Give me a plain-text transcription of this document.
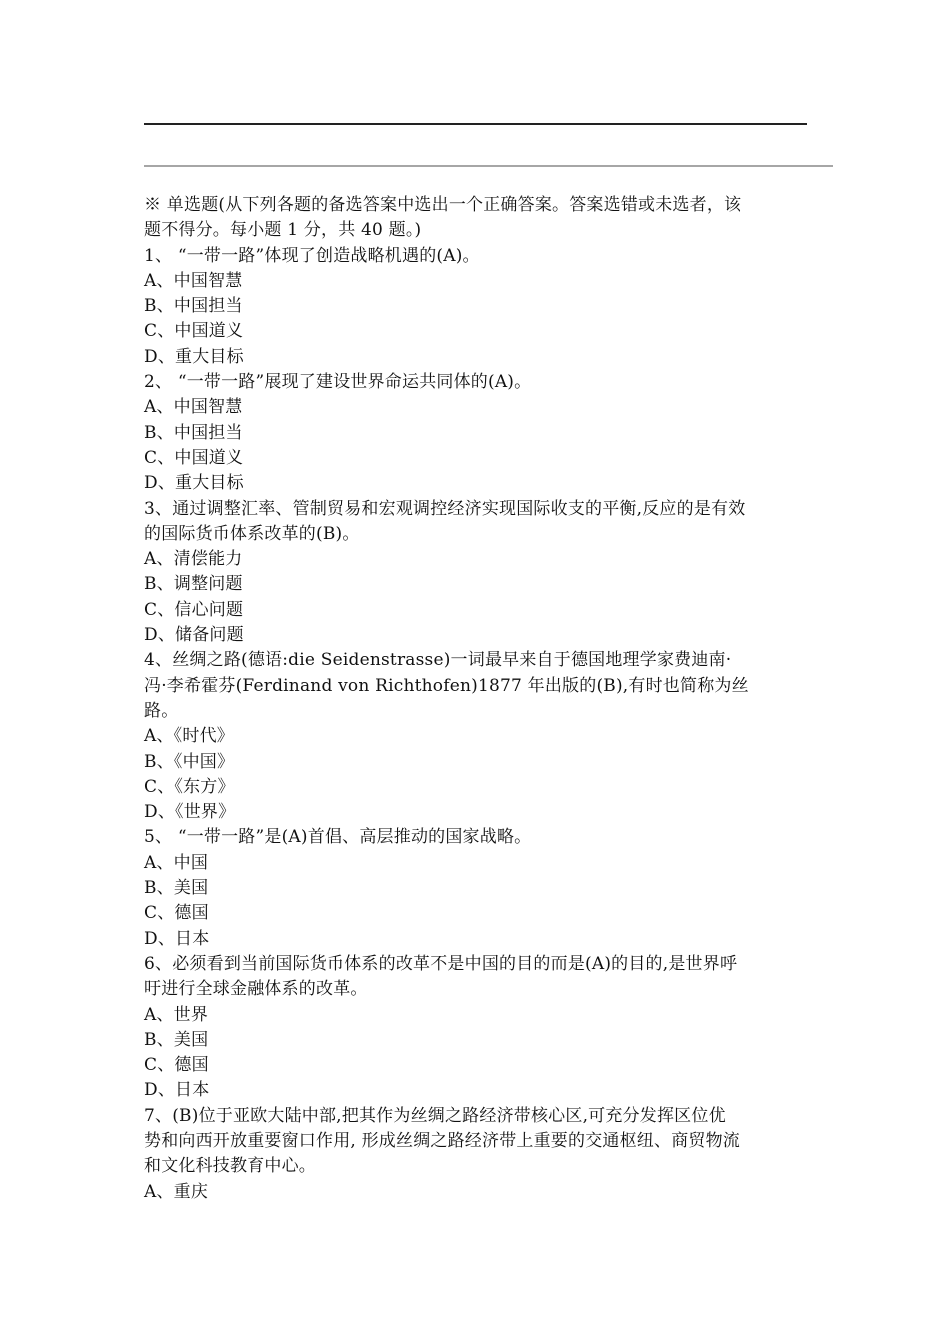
※ 单选题(从下列各题的备选答案中选出一个正确答案。答案选错或未选者，该

题不得分。每小题 1 分，共 40 题。)

1、 “一带一路”体现了创造战略机遇的(A)。

A、中国智慧

B、中国担当

C、中国道义

D、重大目标

2、 “一带一路”展现了建设世界命运共同体的(A)。

A、中国智慧

B、中国担当

C、中国道义

D、重大目标

3、通过调整汇率、管制贸易和宏观调控经济实现国际收支的平衡,反应的是有效

的国际货币体系改革的(B)。

A、清偿能力

B、调整问题

C、信心问题

D、储备问题

4、丝绸之路(德语:die Seidenstrasse)一词最早来自于德国地理学家费迪南·

冯·李希霍芬(Ferdinand von Richthofen)1877 年出版的(B),有时也简称为丝

路。

A、《时代》

B、《中国》

C、《东方》

D、《世界》

5、 “一带一路”是(A)首倡、高层推动的国家战略。

A、中国

B、美国

C、德国

D、日本

6、必须看到当前国际货币体系的改革不是中国的目的而是(A)的目的,是世界呼

吁进行全球金融体系的改革。

A、世界

B、美国

C、德国

D、日本

7、(B)位于亚欧大陆中部,把其作为丝绸之路经济带核心区,可充分发挥区位优

势和向西开放重要窗口作用, 形成丝绸之路经济带上重要的交通枢纽、商贸物流

和文化科技教育中心。

A、重庆
